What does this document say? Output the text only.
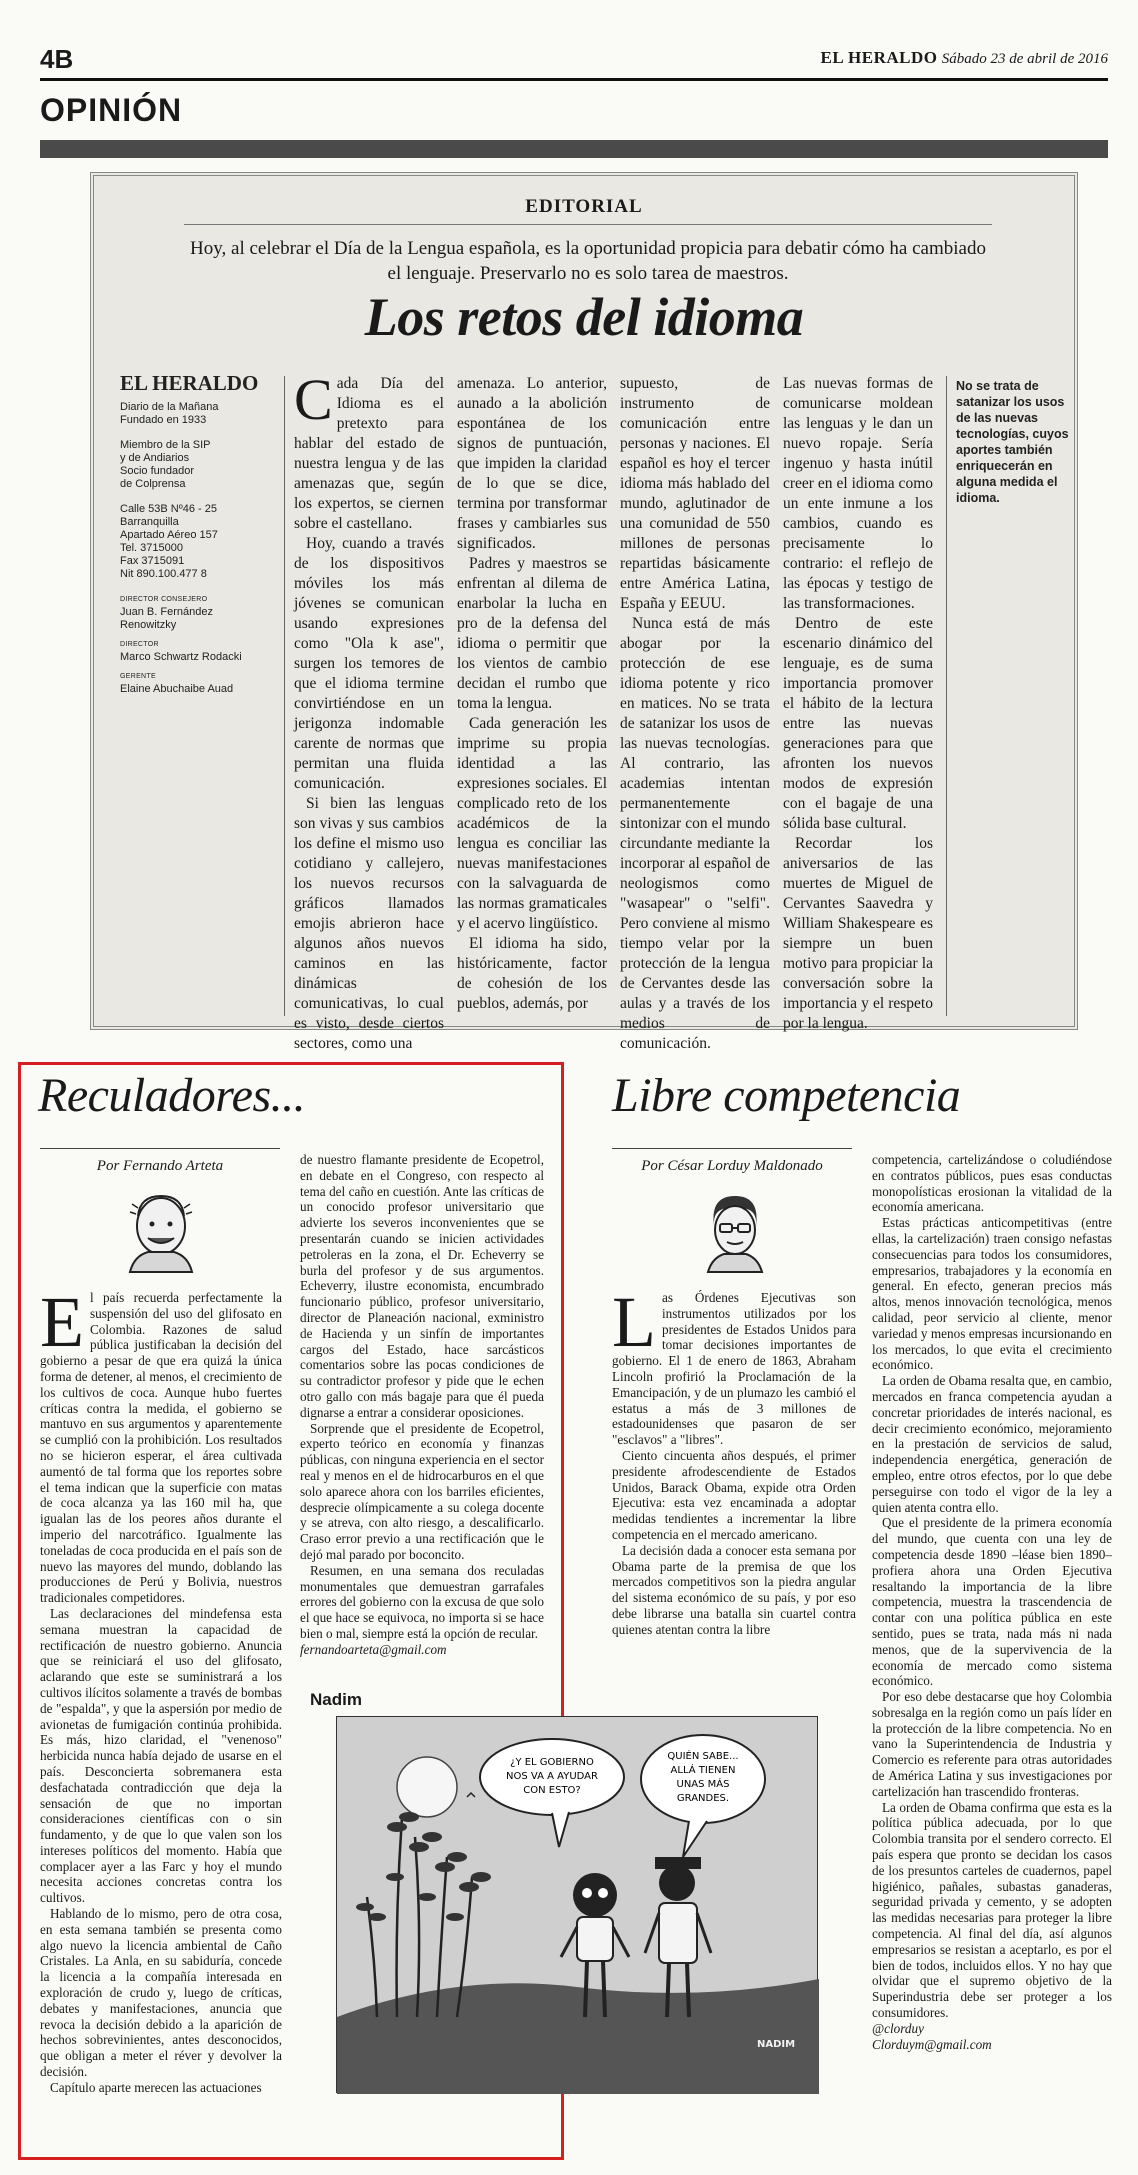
4B	EL HERALDO Sábado 23 de abril de 2016
OPINIÓN
EDITORIAL
Hoy, al celebrar el Día de la Lengua española, es la oportunidad propicia para debatir cómo ha cambiado el lenguaje. Preservarlo no es solo tarea de maestros.
Los retos del idioma
EL HERALDO

Diario de la Mañana
Fundado en 1933

Miembro de la SIP
y de Andiarios
Socio fundador
de Colprensa

Calle 53B Nº46 - 25
Barranquilla
Apartado Aéreo 157
Tel. 3715000
Fax 3715091
Nit 890.100.477 8

DIRECTOR CONSEJERO
Juan B. Fernández Renowitzky
DIRECTOR
Marco Schwartz Rodacki
GERENTE
Elaine Abuchaibe Auad
C ada Día del Idioma es el pretexto para hablar del estado de nuestra lengua y de las amenazas que, según los expertos, se ciernen sobre el castellano.

Hoy, cuando a través de los dispositivos móviles los más jóvenes se comunican usando expresiones como "Ola k ase", surgen los temores de que el idioma termine convirtiéndose en un jerigonza indomable carente de normas que permitan una fluida comunicación.

Si bien las lenguas son vivas y sus cambios los define el mismo uso cotidiano y callejero, los nuevos recursos gráficos llamados emojis abrieron hace algunos años nuevos caminos en las dinámicas comunicativas, lo cual es visto, desde ciertos sectores, como una

amenaza. Lo anterior, aunado a la abolición espontánea de los signos de puntuación, que impiden la claridad de lo que se dice, termina por transformar frases y cambiarles sus significados.

Padres y maestros se enfrentan al dilema de enarbolar la lucha en pro de la defensa del idioma o permitir que los vientos de cambio decidan el rumbo que toma la lengua.

Cada generación les imprime su propia identidad a las expresiones sociales. El complicado reto de los académicos de la lengua es conciliar las nuevas manifestaciones con la salvaguarda de las normas gramaticales y el acervo lingüístico.

El idioma ha sido, históricamente, factor de cohesión de los pueblos, además, por

supuesto, de instrumento de comunicación entre personas y naciones. El español es hoy el tercer idioma más hablado del mundo, aglutinador de una comunidad de 550 millones de personas repartidas básicamente entre América Latina, España y EEUU.

Nunca está de más abogar por la protección de ese idioma potente y rico en matices. No se trata de satanizar los usos de las nuevas tecnologías. Al contrario, las academias intentan permanentemente sintonizar con el mundo circundante mediante la incorporar al español de neologismos como "wasapear" o "selfi". Pero conviene al mismo tiempo velar por la protección de la lengua de Cervantes desde las aulas y a través de los medios de comunicación.

Las nuevas formas de comunicarse moldean las lenguas y le dan un nuevo ropaje. Sería ingenuo y hasta inútil creer en el idioma como un ente inmune a los cambios, cuando es precisamente lo contrario: el reflejo de las épocas y testigo de las transformaciones.

Dentro de este escenario dinámico del lenguaje, es de suma importancia promover el hábito de la lectura entre las nuevas generaciones para que afronten los nuevos modos de expresión con el bagaje de una sólida base cultural.

Recordar los aniversarios de las muertes de Miguel de Cervantes Saavedra y William Shakespeare es siempre un buen motivo para propiciar la conversación sobre la importancia y el respeto por la lengua.

No se trata de satanizar los usos de las nuevas tecnologías, cuyos aportes también enriquecerán en alguna medida el idioma.
Reculadores...
Por Fernando Arteta
E l país recuerda perfectamente la suspensión del uso del glifosato en Colombia. Razones de salud pública justificaban la decisión del gobierno a pesar de que era quizá la única forma de detener, al menos, el crecimiento de los cultivos de coca. Aunque hubo fuertes críticas contra la medida, el gobierno se mantuvo en sus argumentos y aparentemente se cumplió con la prohibición. Los resultados no se hicieron esperar, el área cultivada aumentó de tal forma que los reportes sobre el tema indican que la superficie con matas de coca alcanza ya las 160 mil ha, que igualan las de los peores años durante el imperio del narcotráfico. Igualmente las toneladas de coca producida en el país son de nuevo las mayores del mundo, doblando las producciones de Perú y Bolivia, nuestros tradicionales competidores.

Las declaraciones del mindefensa esta semana muestran la capacidad de rectificación de nuestro gobierno. Anuncia que se reiniciará el uso del glifosato, aclarando que este se suministrará a los cultivos ilícitos solamente a través de bombas de "espalda", y que la aspersión por medio de avionetas de fumigación continúa prohibida. Es más, hizo claridad, el "venenoso" herbicida nunca había dejado de usarse en el país. Desconcierta sobremanera esta desfachatada contradicción que deja la sensación de que no importan consideraciones científicas con o sin fundamento, y de que lo que valen son los intereses políticos del momento. Había que complacer ayer a las Farc y hoy el mundo necesita acciones concretas contra los cultivos.

Hablando de lo mismo, pero de otra cosa, en esta semana también se presenta como algo nuevo la licencia ambiental de Caño Cristales. La Anla, en su sabiduría, concede la licencia a la compañía interesada en exploración de crudo y, luego de críticas, debates y manifestaciones, anuncia que revoca la decisión debido a la aparición de hechos sobrevinientes, antes desconocidos, que obligan a meter el réver y devolver la decisión.

Capítulo aparte merecen las actuaciones

de nuestro flamante presidente de Ecopetrol, en debate en el Congreso, con respecto al tema del caño en cuestión. Ante las críticas de un conocido profesor universitario que advierte los severos inconvenientes que se presentarán cuando se inicien actividades petroleras en la zona, el Dr. Echeverry se burla del profesor y de sus argumentos. Echeverry, ilustre economista, encumbrado funcionario público, profesor universitario, director de Planeación nacional, exministro de Hacienda y un sinfín de importantes cargos del Estado, hace sarcásticos comentarios sobre las pocas condiciones de su contradictor profesor y pide que le echen otro gallo con más bagaje para que él pueda dignarse a entrar a considerar oposiciones.

Sorprende que el presidente de Ecopetrol, experto teórico en economía y finanzas públicas, con ninguna experiencia en el sector real y menos en el de hidrocarburos en el que solo aparece ahora con los barriles eficientes, desprecie olímpicamente a su colega docente y se atreva, con alto riesgo, a descalificarlo. Craso error previo a una rectificación que le dejó mal parado por boconcito.

Resumen, en una semana dos reculadas monumentales que demuestran garrafales errores del gobierno con la excusa de que solo el que hace se equivoca, no importa si se hace bien o mal, siempre está la opción de recular.

fernandoarteta@gmail.com

Libre competencia
Por César Lorduy Maldonado
L as Órdenes Ejecutivas son instrumentos utilizados por los presidentes de Estados Unidos para tomar decisiones importantes de gobierno. El 1 de enero de 1863, Abraham Lincoln profirió la Proclamación de la Emancipación, y de un plumazo les cambió el estatus a más de 3 millones de estadounidenses que pasaron de ser "esclavos" a "libres".

Ciento cincuenta años después, el primer presidente afrodescendiente de Estados Unidos, Barack Obama, expide otra Orden Ejecutiva: esta vez encaminada a adoptar medidas tendientes a incrementar la libre competencia en el mercado americano.

La decisión dada a conocer esta semana por Obama parte de la premisa de que los mercados competitivos son la piedra angular del sistema económico de su país, y por eso debe librarse una batalla sin cuartel contra quienes atentan contra la libre

competencia, cartelizándose o coludiéndose en contratos públicos, pues esas conductas monopolísticas erosionan la vitalidad de la economía americana.

Estas prácticas anticompetitivas (entre ellas, la cartelización) traen consigo nefastas consecuencias para todos los consumidores, empresarios, trabajadores y la economía en general. En efecto, generan precios más altos, menos innovación tecnológica, menos calidad, peor servicio al cliente, menor variedad y menos empresas incursionando en los mercados, lo que evita el crecimiento económico.

La orden de Obama resalta que, en cambio, mercados en franca competencia ayudan a concretar prioridades de interés nacional, es decir crecimiento económico, mejoramiento en la prestación de servicios de salud, independencia energética, generación de empleo, entre otros efectos, por lo que debe perseguirse con todo el vigor de la ley a quien atenta contra ello.

Que el presidente de la primera economía del mundo, que cuenta con una ley de competencia desde 1890 –léase bien 1890– profiera ahora una Orden Ejecutiva resaltando la importancia de la libre competencia, muestra la trascendencia de contar con una política pública en este sentido, pues se trata, nada más ni nada menos, que de la supervivencia de la economía de mercado como sistema económico.

Por eso debe destacarse que hoy Colombia sobresalga en la región como un país líder en la protección de la libre competencia. No en vano la Superintendencia de Industria y Comercio es referente para otras autoridades de América Latina y sus investigaciones por cartelización han trascendido fronteras.

La orden de Obama confirma que esta es la política pública adecuada, por lo que Colombia transita por el sendero correcto. El país espera que pronto se decidan los casos de los presuntos carteles de cuadernos, papel higiénico, pañales, subastas ganaderas, seguridad privada y cemento, y se adopten las medidas necesarias para proteger la libre competencia. Al final del día, así algunos empresarios se resistan a aceptarlo, es por el bien de todos, incluidos ellos. Y no hay que olvidar que el supremo objetivo de la Superindustria debe ser proteger a los consumidores.

@clorduy

Clorduym@gmail.com

Nadim
¿Y EL GOBIERNO
NOS VA A AYUDAR
CON ESTO?
QUIÉN SABE...
ALLÁ TIENEN
UNAS MÁS
GRANDES.
NADIM
